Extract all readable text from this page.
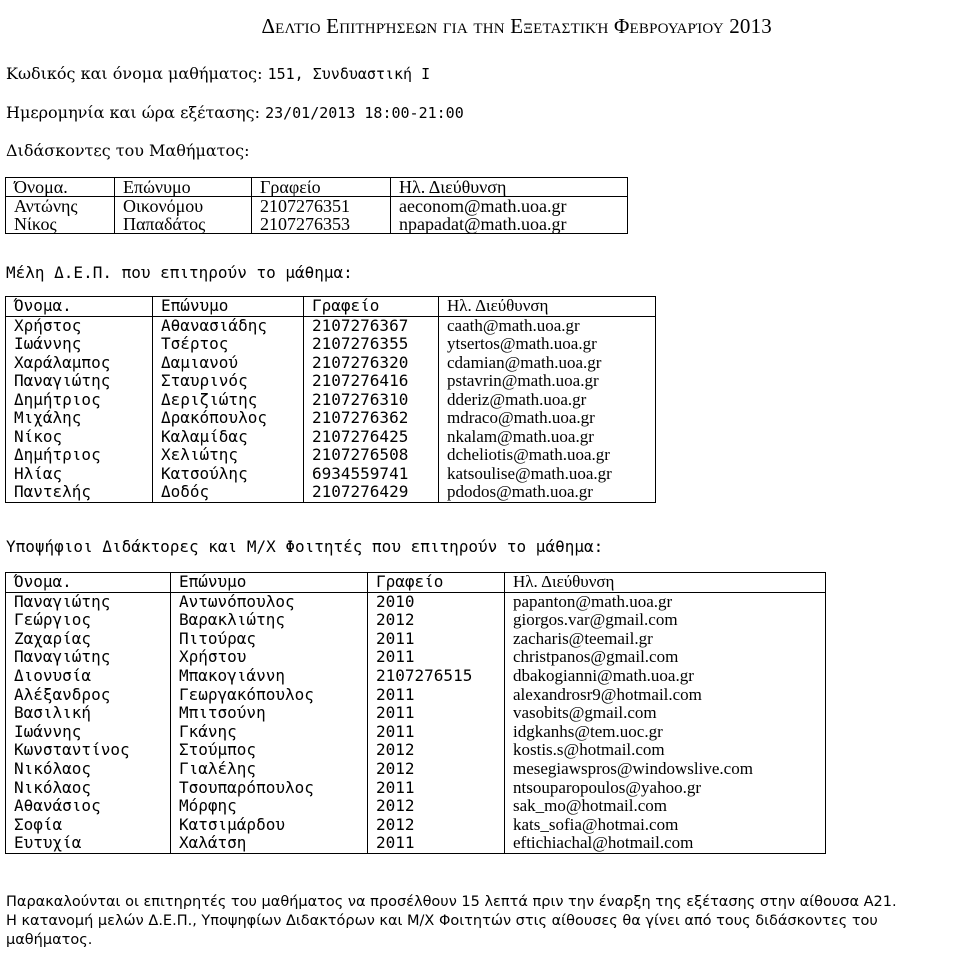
Δελτίο Επιτηρήσεων για την Εξεταστική Φεβρουαρίου 2013
Κωδικός και όνομα μαθήματος: 151, Συνδυαστική Ι
Ημερομηνία και ώρα εξέτασης: 23/01/2013 18:00-21:00
Διδάσκοντες του Μαθήματος:
Όνομα.	Επώνυμο	Γραφείο	Ηλ. Διεύθυνση
Αντώνης	Οικονόμου	2107276351	aeconom@math.uoa.gr
Νίκος	Παπαδάτος	2107276353	npapadat@math.uoa.gr
Μέλη Δ.Ε.Π. που επιτηρούν το μάθημα:
Όνομα.	Επώνυμο	Γραφείο	Ηλ. Διεύθυνση
Χρήστος	Αθανασιάδης	2107276367	caath@math.uoa.gr
Ιωάννης	Τσέρτος	2107276355	ytsertos@math.uoa.gr
Χαράλαμπος	Δαμιανού	2107276320	cdamian@math.uoa.gr
Παναγιώτης	Σταυρινός	2107276416	pstavrin@math.uoa.gr
Δημήτριος	Δεριζιώτης	2107276310	dderiz@math.uoa.gr
Μιχάλης	Δρακόπουλος	2107276362	mdraco@math.uoa.gr
Νίκος	Καλαμίδας	2107276425	nkalam@math.uoa.gr
Δημήτριος	Χελιώτης	2107276508	dcheliotis@math.uoa.gr
Ηλίας	Κατσούλης	6934559741	katsoulise@math.uoa.gr
Παντελής	Δοδός	2107276429	pdodos@math.uoa.gr
Υποψήφιοι Διδάκτορες και Μ/Χ Φοιτητές που επιτηρούν το μάθημα:
Όνομα.	Επώνυμο	Γραφείο	Ηλ. Διεύθυνση
Παναγιώτης	Αντωνόπουλος	2010	papanton@math.uoa.gr
Γεώργιος	Βαρακλιώτης	2012	giorgos.var@gmail.com
Ζαχαρίας	Πιτούρας	2011	zacharis@teemail.gr
Παναγιώτης	Χρήστου	2011	christpanos@gmail.com
Διονυσία	Μπακογιάννη	2107276515	dbakogianni@math.uoa.gr
Αλέξανδρος	Γεωργακόπουλος	2011	alexandrosr9@hotmail.com
Βασιλική	Μπιτσούνη	2011	vasobits@gmail.com
Ιωάννης	Γκάνης	2011	idgkanhs@tem.uoc.gr
Κωνσταντίνος	Στούμπος	2012	kostis.s@hotmail.com
Νικόλαος	Γιαλέλης	2012	mesegiawspros@windowslive.com
Νικόλαος	Τσουπαρόπουλος	2011	ntsouparopoulos@yahoo.gr
Αθανάσιος	Μόρφης	2012	sak_mo@hotmail.com
Σοφία	Κατσιμάρδου	2012	kats_sofia@hotmai.com
Ευτυχία	Χαλάτση	2011	eftichiachal@hotmail.com

Παρακαλούνται οι επιτηρητές του μαθήματος να προσέλθουν 15 λεπτά πριν την έναρξη της εξέτασης στην αίθουσα Α21.

Η κατανομή μελών Δ.Ε.Π., Υποψηφίων Διδακτόρων και Μ/Χ Φοιτητών στις αίθουσες θα γίνει από τους διδάσκοντες του μαθήματος.
